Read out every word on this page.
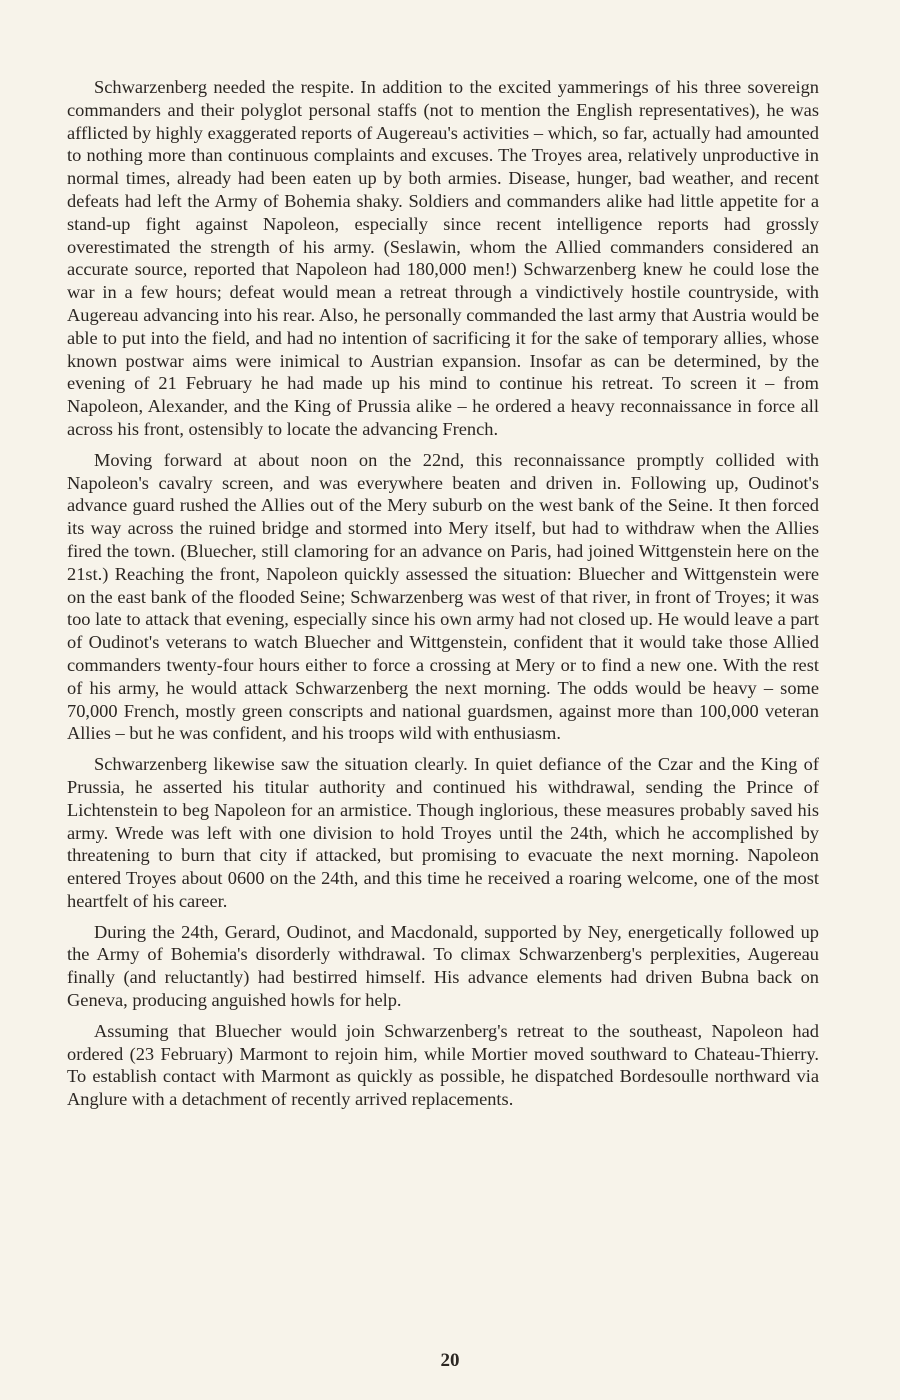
Schwarzenberg needed the respite. In addition to the excited yammerings of his three sovereign commanders and their polyglot personal staffs (not to mention the English representatives), he was afflicted by highly exaggerated reports of Augereau's activities – which, so far, actually had amounted to nothing more than continuous complaints and excuses. The Troyes area, relatively unproductive in normal times, already had been eaten up by both armies. Disease, hunger, bad weather, and recent defeats had left the Army of Bohemia shaky. Soldiers and commanders alike had little appetite for a stand-up fight against Napoleon, especially since recent intelligence reports had grossly overestimated the strength of his army. (Seslawin, whom the Allied commanders considered an accurate source, reported that Napoleon had 180,000 men!) Schwarzenberg knew he could lose the war in a few hours; defeat would mean a retreat through a vindictively hostile countryside, with Augereau advancing into his rear. Also, he personally commanded the last army that Austria would be able to put into the field, and had no intention of sacrificing it for the sake of temporary allies, whose known postwar aims were inimical to Austrian expansion. Insofar as can be determined, by the evening of 21 February he had made up his mind to continue his retreat. To screen it – from Napoleon, Alexander, and the King of Prussia alike – he ordered a heavy reconnaissance in force all across his front, ostensibly to locate the advancing French.

Moving forward at about noon on the 22nd, this reconnaissance promptly collided with Napoleon's cavalry screen, and was everywhere beaten and driven in. Following up, Oudinot's advance guard rushed the Allies out of the Mery suburb on the west bank of the Seine. It then forced its way across the ruined bridge and stormed into Mery itself, but had to withdraw when the Allies fired the town. (Bluecher, still clamoring for an advance on Paris, had joined Wittgenstein here on the 21st.) Reaching the front, Napoleon quickly assessed the situation: Bluecher and Wittgenstein were on the east bank of the flooded Seine; Schwarzenberg was west of that river, in front of Troyes; it was too late to attack that evening, especially since his own army had not closed up. He would leave a part of Oudinot's veterans to watch Bluecher and Wittgenstein, confident that it would take those Allied commanders twenty-four hours either to force a crossing at Mery or to find a new one. With the rest of his army, he would attack Schwarzenberg the next morning. The odds would be heavy – some 70,000 French, mostly green conscripts and national guardsmen, against more than 100,000 veteran Allies – but he was confident, and his troops wild with enthusiasm.

Schwarzenberg likewise saw the situation clearly. In quiet defiance of the Czar and the King of Prussia, he asserted his titular authority and continued his withdrawal, sending the Prince of Lichtenstein to beg Napoleon for an armistice. Though inglorious, these measures probably saved his army. Wrede was left with one division to hold Troyes until the 24th, which he accomplished by threatening to burn that city if attacked, but promising to evacuate the next morning. Napoleon entered Troyes about 0600 on the 24th, and this time he received a roaring welcome, one of the most heartfelt of his career.

During the 24th, Gerard, Oudinot, and Macdonald, supported by Ney, energetically followed up the Army of Bohemia's disorderly withdrawal. To climax Schwarzenberg's perplexities, Augereau finally (and reluctantly) had bestirred himself. His advance elements had driven Bubna back on Geneva, producing anguished howls for help.

Assuming that Bluecher would join Schwarzenberg's retreat to the southeast, Napoleon had ordered (23 February) Marmont to rejoin him, while Mortier moved southward to Chateau-Thierry. To establish contact with Marmont as quickly as possible, he dispatched Bordesoulle northward via Anglure with a detachment of recently arrived replacements.

20
